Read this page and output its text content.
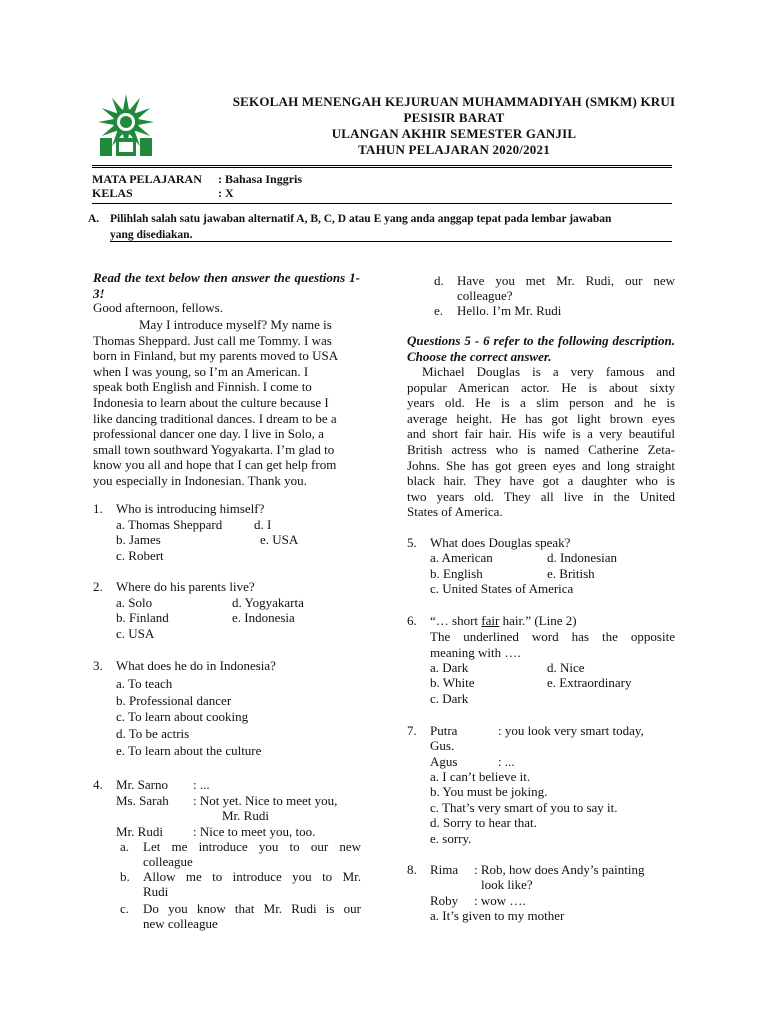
SEKOLAH MENENGAH KEJURUAN MUHAMMADIYAH (SMKM) KRUI
PESISIR BARAT
ULANGAN AKHIR SEMESTER GANJIL
TAHUN PELAJARAN 2020/2021
MATA PELAJARAN : Bahasa Inggris
KELAS	: X
A. Pilihlah salah satu jawaban alternatif A, B, C, D atau E yang anda anggap tepat pada lembar jawaban
yang disediakan.
Read the text below then answer the questions 1-3!
Good afternoon, fellows.
May I introduce myself? My name is
Thomas Sheppard. Just call me Tommy. I was
born in Finland, but my parents moved to USA
when I was young, so I’m an American. I
speak both English and Finnish. I come to
Indonesia to learn about the culture because I
like dancing traditional dances. I dream to be a
professional dancer one day. I live in Solo, a
small town southward Yogyakarta. I’m glad to
know you all and hope that I can get help from
you especially in Indonesian. Thank you.
1. Who is introducing himself?
a. Thomas Sheppard d. I
b. James	e. USA
c. Robert
2. Where do his parents live?
a. Solo	d. Yogyakarta
b. Finland	e. Indonesia
c. USA
3. What does he do in Indonesia?
a. To teach
b. Professional dancer
c. To learn about cooking
d. To be actris
e. To learn about the culture
4. Mr. Sarno : ...
Ms. Sarah : Not yet. Nice to meet you,
Mr. Rudi
Mr. Rudi : Nice to meet you, too.
a. Let me introduce you to our new
colleague
b. Allow me to introduce you to Mr.
Rudi
c. Do you know that Mr. Rudi is our
new colleague
d. Have you met Mr. Rudi, our new
colleague?
e. Hello. I’m Mr. Rudi
Questions 5 - 6 refer to the following description. Choose the correct answer.
Michael Douglas is a very famous and
popular American actor. He is about sixty
years old. He is a slim person and he is
average height. He has got light brown eyes
and short fair hair. His wife is a very beautiful
British actress who is named Catherine Zeta-
Johns. She has got green eyes and long straight
black hair. They have got a daughter who is
two years old. They all live in the United
States of America.
5. What does Douglas speak?
a. American	d. Indonesian
b. English	e. British
c. United States of America
6. “… short fair hair.” (Line 2)
The underlined word has the opposite
meaning with ….
a. Dark	d. Nice
b. White	e. Extraordinary
c. Dark
7. Putra	: you look very smart today,
Gus.
Agus	: ...
a. I can’t believe it.
b. You must be joking.
c. That’s very smart of you to say it.
d. Sorry to hear that.
e. sorry.
8. Rima : Rob, how does Andy’s painting
look like?
Roby : wow ….
a. It’s given to my mother
